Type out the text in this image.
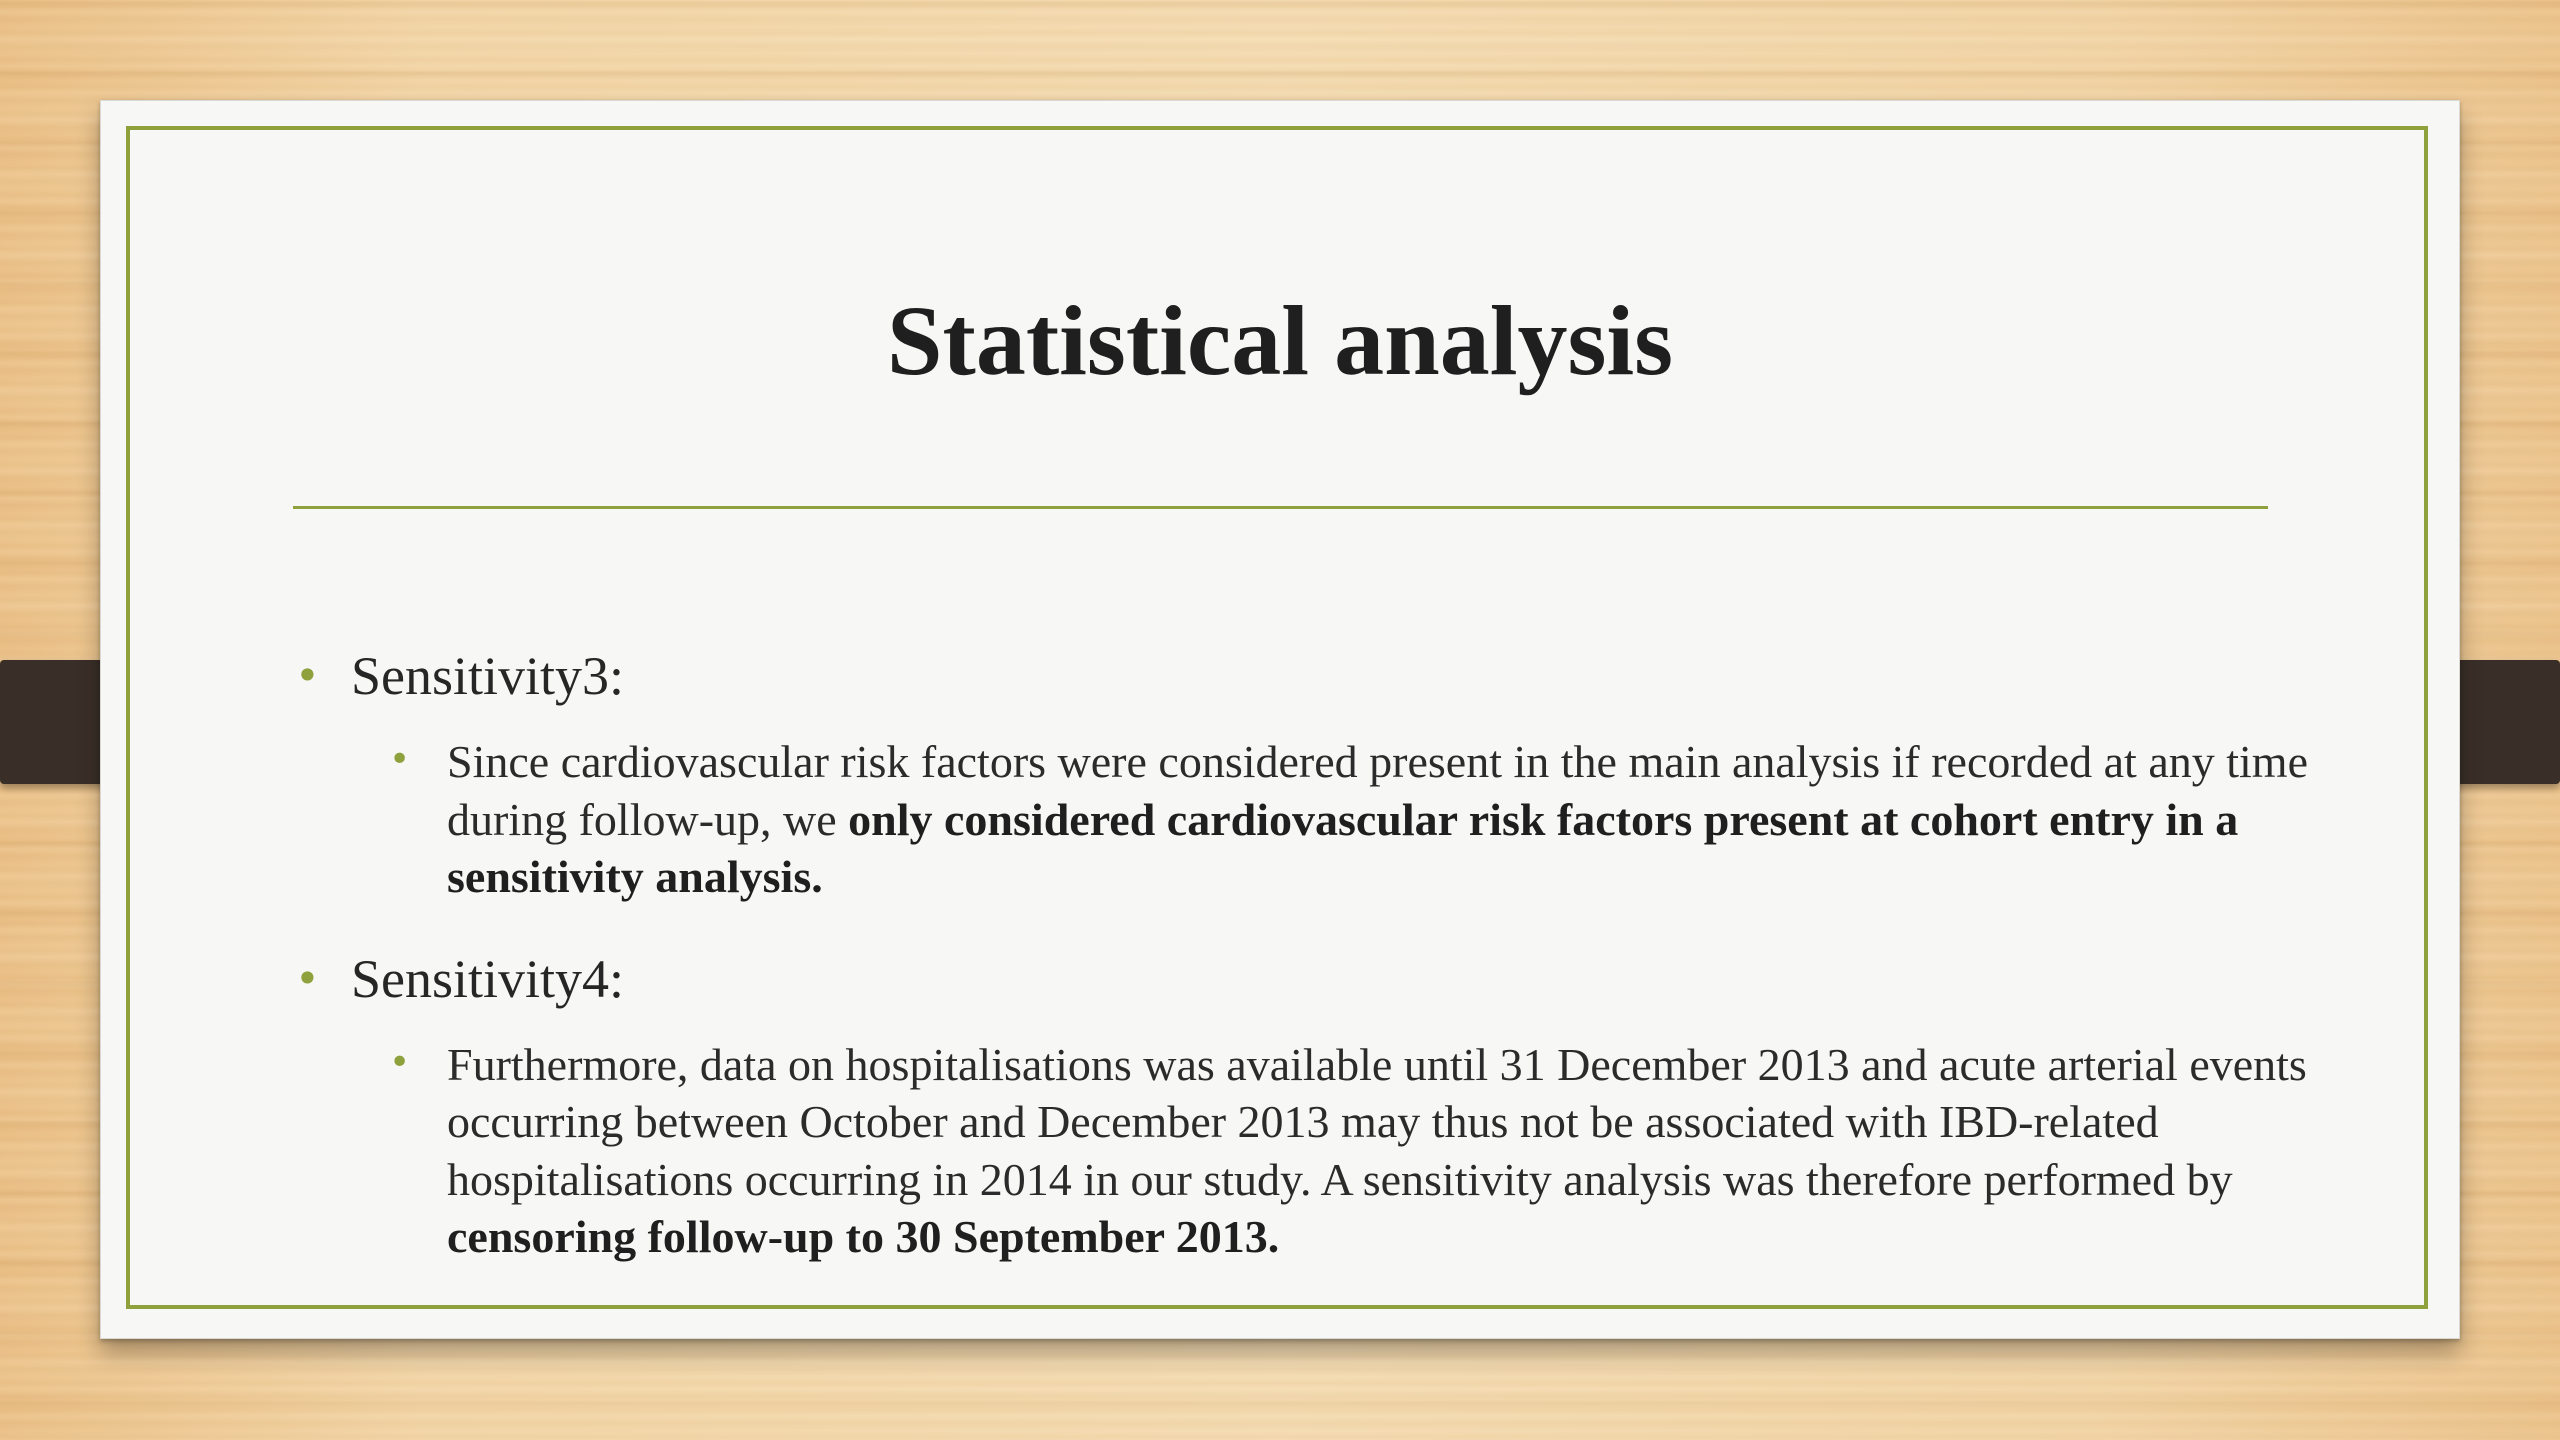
Statistical analysis
• Sensitivity3:
• Since cardiovascular risk factors were considered present in the main analysis if recorded at any time during follow-up, we only considered cardiovascular risk factors present at cohort entry in a sensitivity analysis.
• Sensitivity4:
• Furthermore, data on hospitalisations was available until 31 December 2013 and acute arterial events occurring between October and December 2013 may thus not be associated with IBD-related hospitalisations occurring in 2014 in our study. A sensitivity analysis was therefore performed by censoring follow-up to 30 September 2013.
